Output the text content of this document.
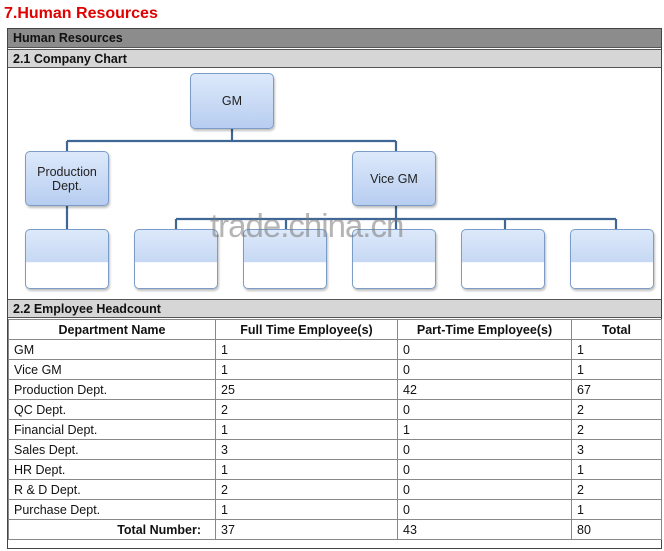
7.Human Resources
Human Resources
2.1 Company Chart
GM
Production Dept.	Vice GM
2.2 Employee Headcount
Department Name	Full Time Employee(s)	Part-Time Employee(s)	Total
GM	1	0	1
Vice GM	1	0	1
Production Dept.	25	42	67
QC Dept.	2	0	2
Financial Dept.	1	1	2
Sales Dept.	3	0	3
HR Dept.	1	0	1
R & D Dept.	2	0	2
Purchase Dept.	1	0	1
Total Number:	37	43	80
trade.china.cn
